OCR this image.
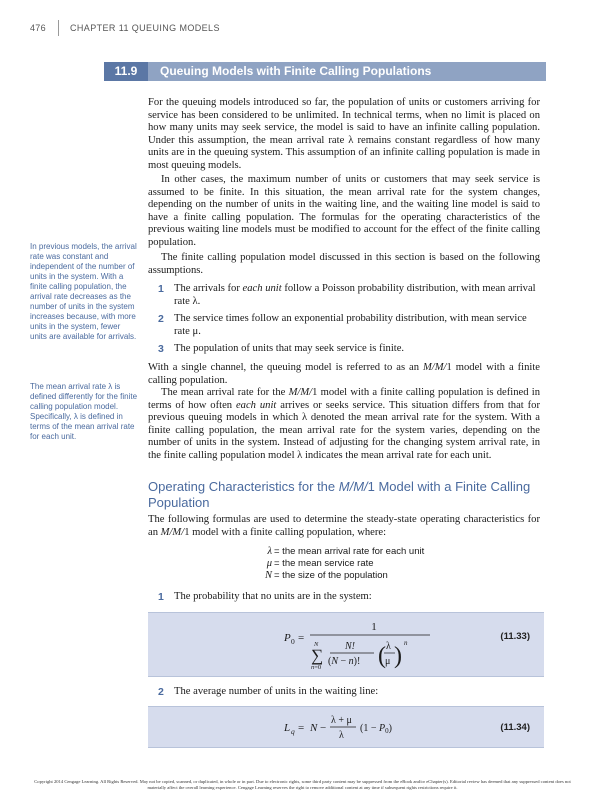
476	CHAPTER 11 QUEUING MODELS
11.9	Queuing Models with Finite Calling Populations

For the queuing models introduced so far, the population of units or customers arriving for service has been considered to be unlimited. In technical terms, when no limit is placed on how many units may seek service, the model is said to have an infinite calling population. Under this assumption, the mean arrival rate λ remains constant regardless of how many units are in the queuing system. This assumption of an infinite calling population is made in most queuing models.

In other cases, the maximum number of units or customers that may seek service is assumed to be finite. In this situation, the mean arrival rate for the system changes, depending on the number of units in the waiting line, and the waiting line model is said to have a finite calling population. The formulas for the operating characteristics of the previous waiting line models must be modified to account for the effect of the finite calling population.

The finite calling population model discussed in this section is based on the following assumptions.

1 The arrivals for each unit follow a Poisson probability distribution, with mean arrival rate λ.
2 The service times follow an exponential probability distribution, with mean service rate μ.
3 The population of units that may seek service is finite.

With a single channel, the queuing model is referred to as an M/M/1 model with a finite calling population.

The mean arrival rate for the M/M/1 model with a finite calling population is defined in terms of how often each unit arrives or seeks service. This situation differs from that for previous queuing models in which λ denoted the mean arrival rate for the system. With a finite calling population, the mean arrival rate for the system varies, depending on the number of units in the system. Instead of adjusting for the changing system arrival rate, in the finite calling population model λ indicates the mean arrival rate for each unit.

In previous models, the arrival rate was constant and independent of the number of units in the system. With a finite calling population, the arrival rate decreases as the number of units in the system increases because, with more units in the system, fewer units are available for arrivals.

The mean arrival rate λ is defined differently for the finite calling population model. Specifically, λ is defined in terms of the mean arrival rate for each unit.

Operating Characteristics for the M/M/1 Model with a Finite Calling Population

The following formulas are used to determine the steady-state operating characteristics for an M/M/1 model with a finite calling population, where:

λ = the mean arrival rate for each unit
μ = the mean service rate
N = the size of the population
1 The probability that no units are in the system:
P 0 =
1
N
∑
n=0
N!
(N − n)! ( λ
μ ) n
(11.33)
2 The average number of units in the waiting line:
L q = N −
λ + μ
λ
$(1 - P_0)$	(11.34)

Copyright 2014 Cengage Learning. All Rights Reserved. May not be copied, scanned, or duplicated, in whole or in part. Due to electronic rights, some third party content may be suppressed from the eBook and/or eChapter(s). Editorial review has deemed that any suppressed content does not materially affect the overall learning experience. Cengage Learning reserves the right to remove additional content at any time if subsequent rights restrictions require it.
